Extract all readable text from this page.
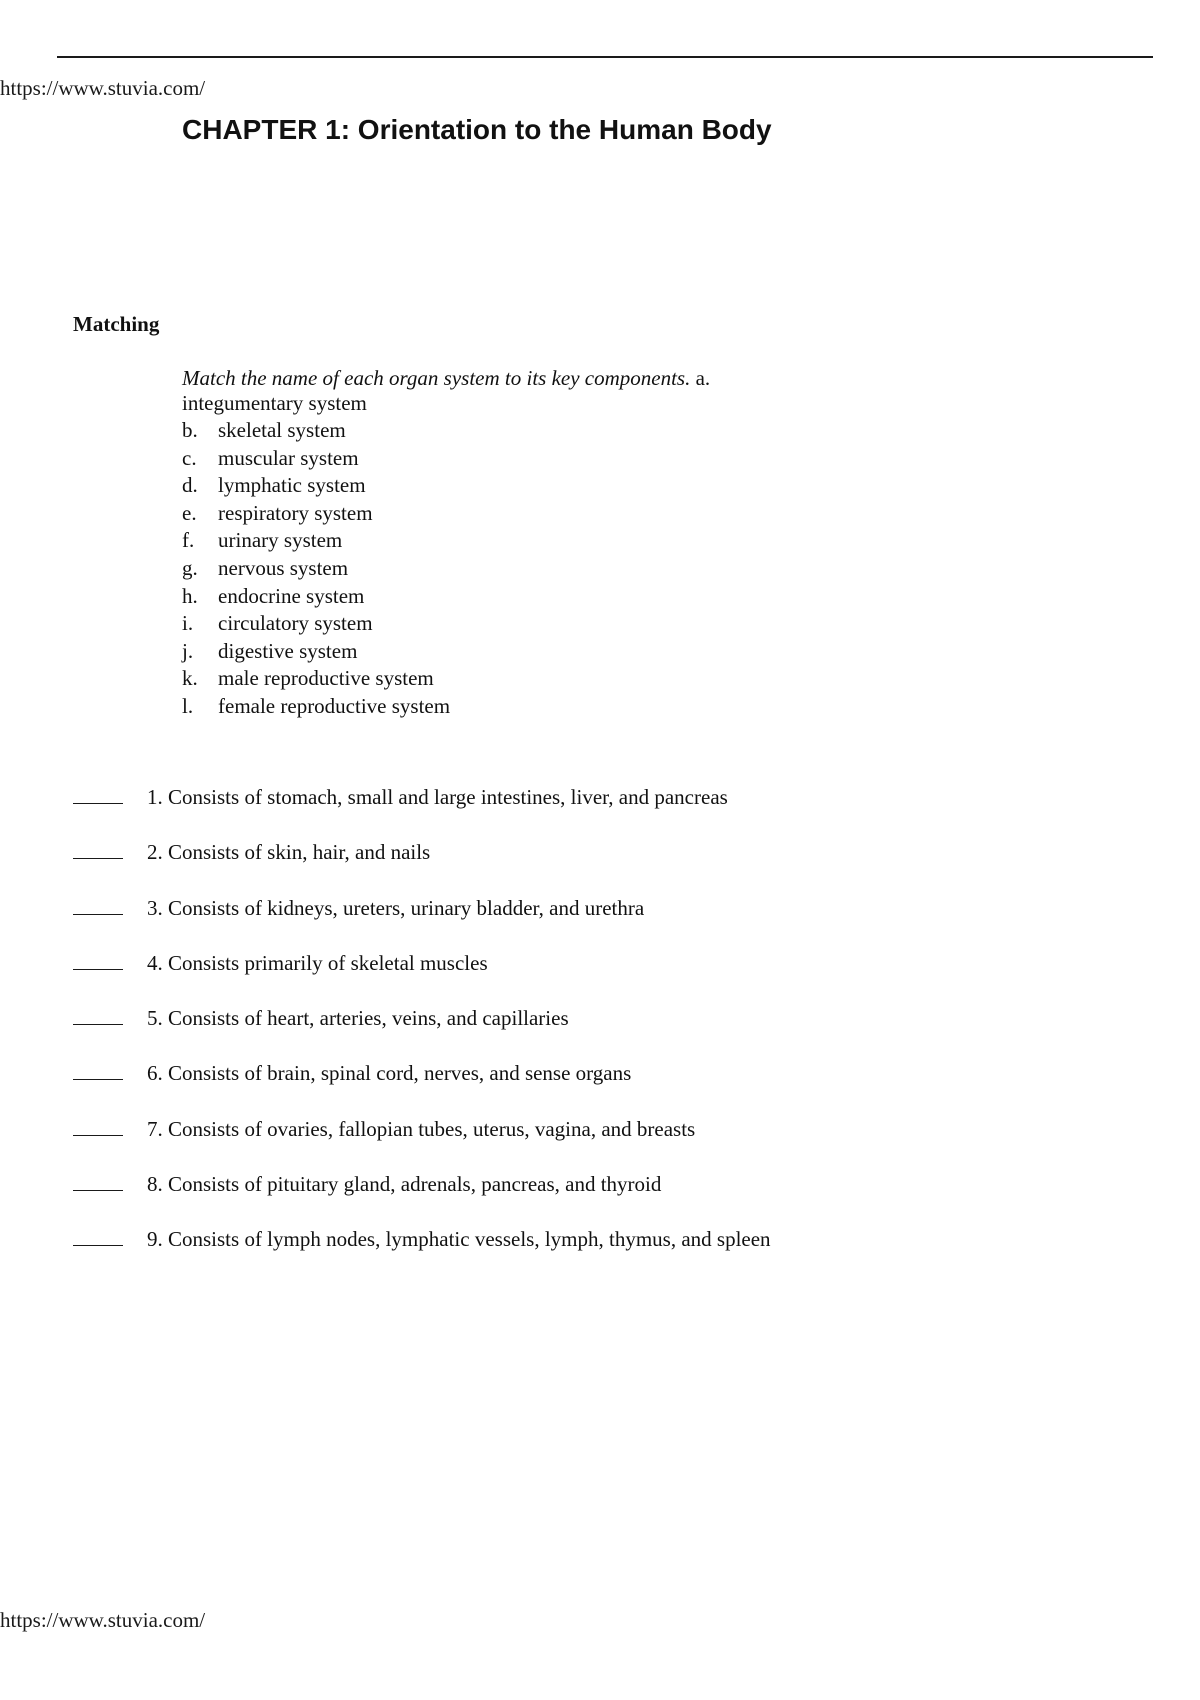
https://www.stuvia.com/
CHAPTER 1: Orientation to the Human Body
Matching
Match the name of each organ system to its key components. a. integumentary system
b. skeletal system
c. muscular system
d. lymphatic system
e. respiratory system
f. urinary system
g. nervous system
h. endocrine system
i. circulatory system
j. digestive system
k. male reproductive system
l. female reproductive system
1. Consists of stomach, small and large intestines, liver, and pancreas
2. Consists of skin, hair, and nails
3. Consists of kidneys, ureters, urinary bladder, and urethra
4. Consists primarily of skeletal muscles
5. Consists of heart, arteries, veins, and capillaries
6. Consists of brain, spinal cord, nerves, and sense organs
7. Consists of ovaries, fallopian tubes, uterus, vagina, and breasts
8. Consists of pituitary gland, adrenals, pancreas, and thyroid
9. Consists of lymph nodes, lymphatic vessels, lymph, thymus, and spleen
https://www.stuvia.com/
